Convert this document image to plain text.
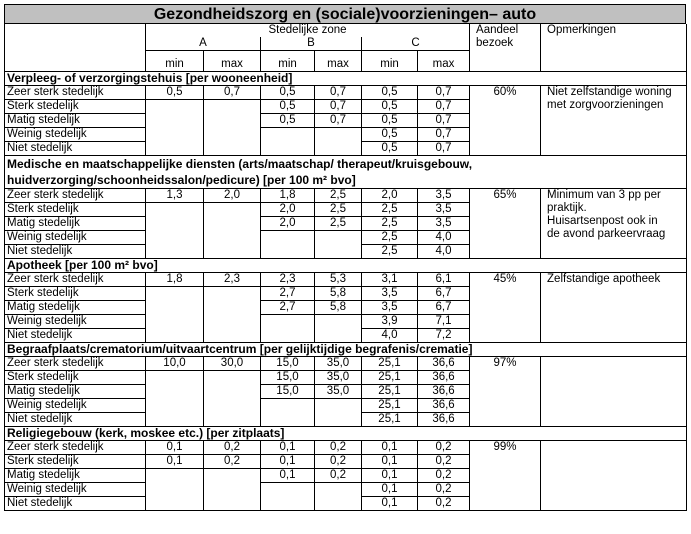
Gezondheidszorg en (sociale)voorzieningen– auto
	Stedelijke zone						Aandeel bezoek	Opmerkingen
	A		B		C			
	min	max	min	max	min	max		
Verpleeg- of verzorgingstehuis [per wooneenheid]								
Zeer sterk stedelijk	0,5	0,7	0,5	0,7	0,5	0,7	60%	Niet zelfstandige woning
met zorgvoorzieningen

Sterk stedelijk			0,5	0,7	0,5	0,7		
Matig stedelijk			0,5	0,7	0,5	0,7		
Weinig stedelijk					0,5	0,7		
Niet stedelijk					0,5	0,7		
Medische en maatschappelijke diensten (arts/maatschap/ therapeut/kruisgebouw, huidverzorging/schoonheidssalon/pedicure) [per 100 m² bvo]								
Zeer sterk stedelijk	1,3	2,0	1,8	2,5	2,0	3,5	65%	Minimum van 3 pp per
praktijk.
Huisartsenpost ook in
de avond parkeervraag

Sterk stedelijk			2,0	2,5	2,5	3,5		
Matig stedelijk			2,0	2,5	2,5	3,5		
Weinig stedelijk					2,5	4,0		
Niet stedelijk					2,5	4,0		
Apotheek [per 100 m² bvo]								
Zeer sterk stedelijk	1,8	2,3	2,3	5,3	3,1	6,1	45%	Zelfstandige apotheek

Sterk stedelijk			2,7	5,8	3,5	6,7		
Matig stedelijk			2,7	5,8	3,5	6,7		
Weinig stedelijk					3,9	7,1		
Niet stedelijk					4,0	7,2		
Begraafplaats/crematorium/uitvaartcentrum [per gelijktijdige begrafenis/crematie]								
Zeer sterk stedelijk	10,0	30,0	15,0	35,0	25,1	36,6	97%	
Sterk stedelijk			15,0	35,0	25,1	36,6		
Matig stedelijk			15,0	35,0	25,1	36,6		
Weinig stedelijk					25,1	36,6		
Niet stedelijk					25,1	36,6		
Religiegebouw (kerk, moskee etc.) [per zitplaats]								
Zeer sterk stedelijk	0,1	0,2	0,1	0,2	0,1	0,2	99%	
Sterk stedelijk	0,1	0,2	0,1	0,2	0,1	0,2		
Matig stedelijk			0,1	0,2	0,1	0,2		
Weinig stedelijk					0,1	0,2		
Niet stedelijk					0,1	0,2		
